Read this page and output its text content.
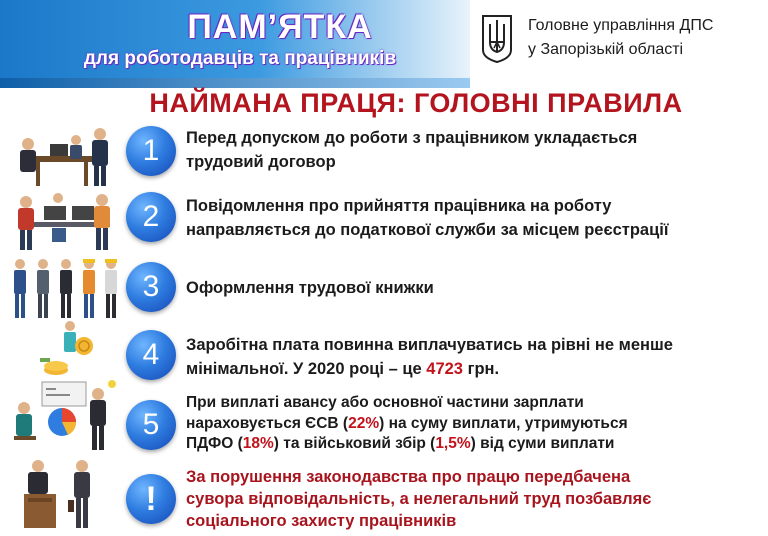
ПАМ’ЯТКА
для роботодавців та працівників
Головне управління ДПС
у Запорізькій області
НАЙМАНА ПРАЦЯ: ГОЛОВНІ ПРАВИЛА
1	Перед допуском до роботи з працівником укладається
трудовий договор
2	Повідомлення про прийняття працівника на роботу
направляється до податкової служби за місцем реєстрації
3	Оформлення трудової книжки
4	Заробітна плата повинна виплачуватись на рівні не менше
мінімальної. У 2020 році – це 4723 грн.
5
При виплаті авансу або основної частини зарплати
нараховується ЄСВ (22%) на суму виплати, утримуються
ПДФО (18%) та військовий збір (1,5%) від суми виплати
!
За порушення законодавства про працю передбачена
сувора відповідальність, а нелегальний труд позбавляє
соціального захисту працівників
